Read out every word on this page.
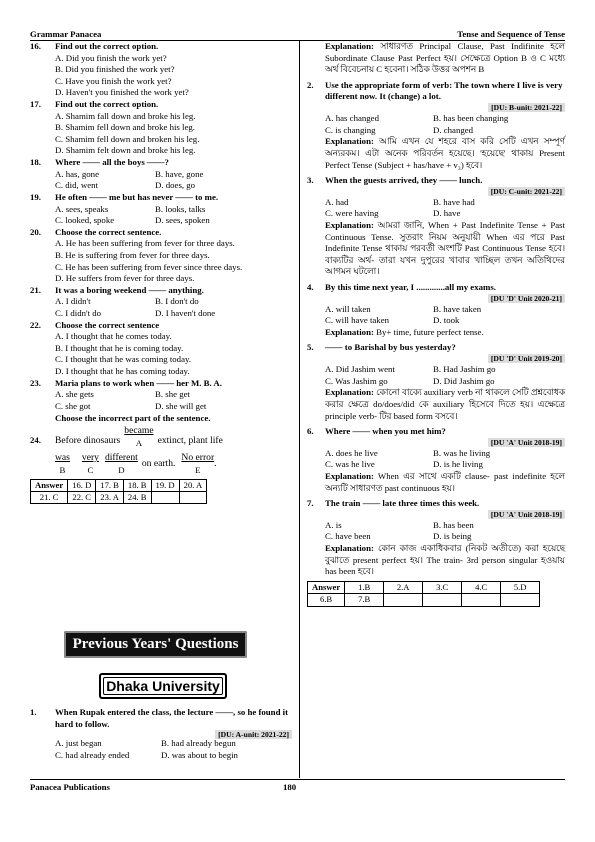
Grammar Panacea	Tense and Sequence of Tense
16.	Find out the correct option.
A. Did you finish the work yet?
B. Did you finished the work yet?
C. Have you finish the work yet?
D. Haven't you finished the work yet?
17.	Find out the correct option.
A. Shamim fall down and broke his leg.
B. Shamim fell down and broke his leg.
C. Shamim fell down and broken his leg.
D. Shamim felt down and broke his leg.
18.	Where —— all the boys ——?
A. has, gone	B. have, gone
C. did, went	D. does, go
19.	He often —— me but has never —— to me.
A. sees, speaks	B. looks, talks
C. looked, spoke	D. sees, spoken
20.	Choose the correct sentence.
A. He has been suffering from fever for three days.
B. He is suffering from fever for three days.
C. He has been suffering from fever since three days.
D. He suffers from fever for three days.
21.	It was a boring weekend —— anything.
A. I didn't	B. I don't do
C. I didn't do	D. I haven't done
22.	Choose the correct sentence
A. I thought that he comes today.
B. I thought that he is coming today.
C. I thought that he was coming today.
D. I thought that he has coming today.
23.	Maria plans to work when —— her M. B. A.
A. she gets	B. she get
C. she got	D. she will get
Choose the incorrect part of the sentence.
24.	Before dinosaurs
became
A	extinct, plant life
was
B
very
C
different
D
on earth.
No error
E
.
Answer	16. D	17. B	18. B	19. D	20. A
21. C	22. C	23. A	24. B		
Previous Years' Questions
Dhaka University
1.	When Rupak entered the class, the lecture ——, so he found it hard to follow.
[DU: A-unit: 2021-22]
A. just began	B. had already begun
C. had already ended	D. was about to begin
Explanation: সাধারণত Principal Clause, Past Indifinite হলে Subordinate Clause Past Perfect হয়। সেক্ষেত্রে Option B ও C মধ্যে অর্থ বিবেচনায় C হবেনা। সঠিক উত্তর অপশন B
2.	Use the appropriate form of verb: The town where I live is very different now. It (change) a lot.
[DU: B-unit: 2021-22]
A. has changed	B. has been changing
C. is changing	D. changed
Explanation: আমি এখন যে শহরে বাস করি সেটি এখন সম্পূর্ণ অন্যরকম। এটা অনেক পরিবর্তন হয়েছে। 'হয়েছে' থাকায় Present Perfect Tense (Subject + has/have + v₃) হবে।
3.	When the guests arrived, they —— lunch.
[DU: C-unit: 2021-22]
A. had	B. have had
C. were having	D. have
Explanation: আমরা জানি, When + Past Indefinite Tense + Past Continuous Tense. সুতরাং নিয়ম অনুযায়ী When এর পরে Past Indefinite Tense থাকায় পরবর্তী অংশটি Past Continuous Tense হবে। বাক্যটির অর্থ- তারা যখন দুপুরের খাবার খাচ্ছিল তখন অতিথিদের আগমন ঘটলো।
4.	By this time next year, I .............all my exams.
[DU 'D' Unit 2020-21]
A. will taken	B. have taken
C. will have taken	D. took
Explanation: By+ time, future perfect tense.
5.	—— to Barishal by bus yesterday?
[DU 'D' Unit 2019-20]
A. Did Jashim went	B. Had Jashim go
C. Was Jashim go	D. Did Jashim go
Explanation: কোনো বাক্যে auxiliary verb না থাকলে সেটি প্রশ্নবোধক করার ক্ষেত্রে do/does/did কে auxiliary হিসেবে দিতে হয়। এক্ষেত্রে principle verb- টির based form বসবে।
6.	Where —— when you met him?
[DU 'A' Unit 2018-19]
A. does he live	B. was he living
C. was he live	D. is he living
Explanation: When এর সাথে একটি clause- past indefinite হলে অন্যটি সাধারণত past continuous হয়।
7.	The train —— late three times this week.
[DU 'A' Unit 2018-19]
A. is	B. has been
C. have been	D. is being
Explanation: কোন কাজ একাধিকবার (নিকট অতীতে) করা হয়েছে বুঝাতে present perfect হয়। The train- 3rd person singular হওয়ায় has been হবে।
Answer	1.B	2.A	3.C	4.C	5.D
6.B	7.B				
Panacea Publications	180
